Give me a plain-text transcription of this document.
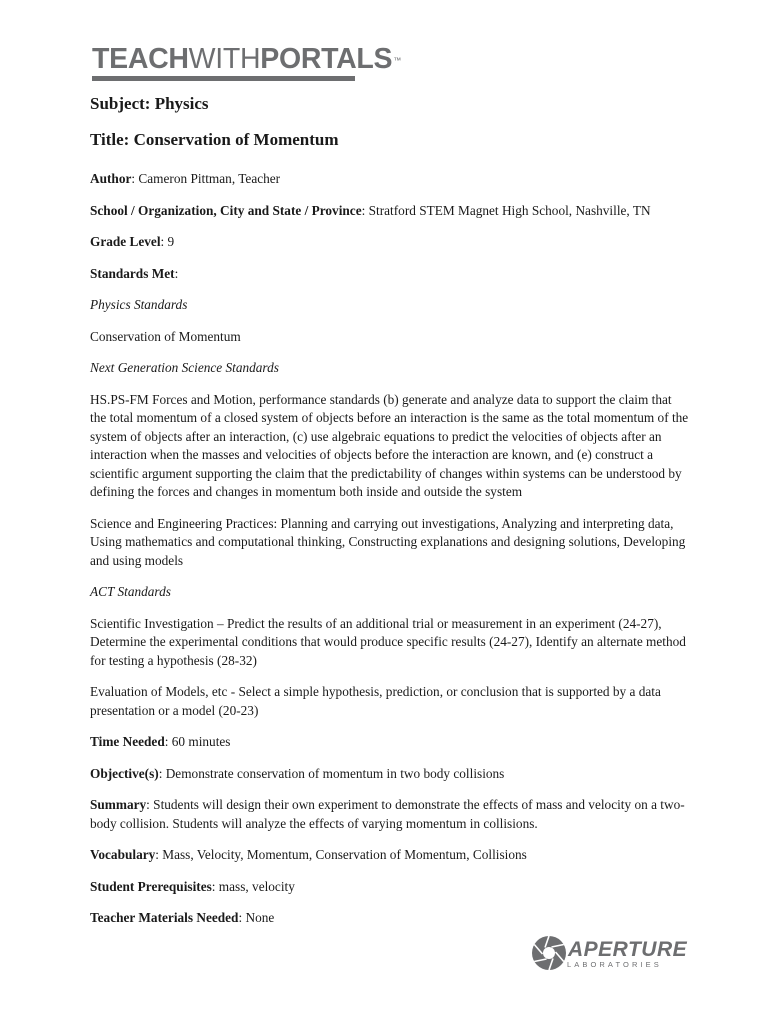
TEACHWITHPORTALS™
Subject: Physics
Title: Conservation of Momentum

Author: Cameron Pittman, Teacher

School / Organization, City and State / Province: Stratford STEM Magnet High School, Nashville, TN

Grade Level: 9

Standards Met:

Physics Standards

Conservation of Momentum

Next Generation Science Standards

HS.PS-FM Forces and Motion, performance standards (b) generate and analyze data to support the claim that the total momentum of a closed system of objects before an interaction is the same as the total momentum of the system of objects after an interaction, (c) use algebraic equations to predict the velocities of objects after an interaction when the masses and velocities of objects before the interaction are known, and (e) construct a scientific argument supporting the claim that the predictability of changes within systems can be understood by defining the forces and changes in momentum both inside and outside the system

Science and Engineering Practices: Planning and carrying out investigations, Analyzing and interpreting data, Using mathematics and computational thinking, Constructing explanations and designing solutions, Developing and using models

ACT Standards

Scientific Investigation – Predict the results of an additional trial or measurement in an experiment (24-27), Determine the experimental conditions that would produce specific results (24-27), Identify an alternate method for testing a hypothesis (28-32)

Evaluation of Models, etc - Select a simple hypothesis, prediction, or conclusion that is supported by a data presentation or a model (20-23)

Time Needed: 60 minutes

Objective(s): Demonstrate conservation of momentum in two body collisions

Summary: Students will design their own experiment to demonstrate the effects of mass and velocity on a two-body collision. Students will analyze the effects of varying momentum in collisions.

Vocabulary: Mass, Velocity, Momentum, Conservation of Momentum, Collisions

Student Prerequisites: mass, velocity

Teacher Materials Needed: None

APERTURE
LABORATORIES
